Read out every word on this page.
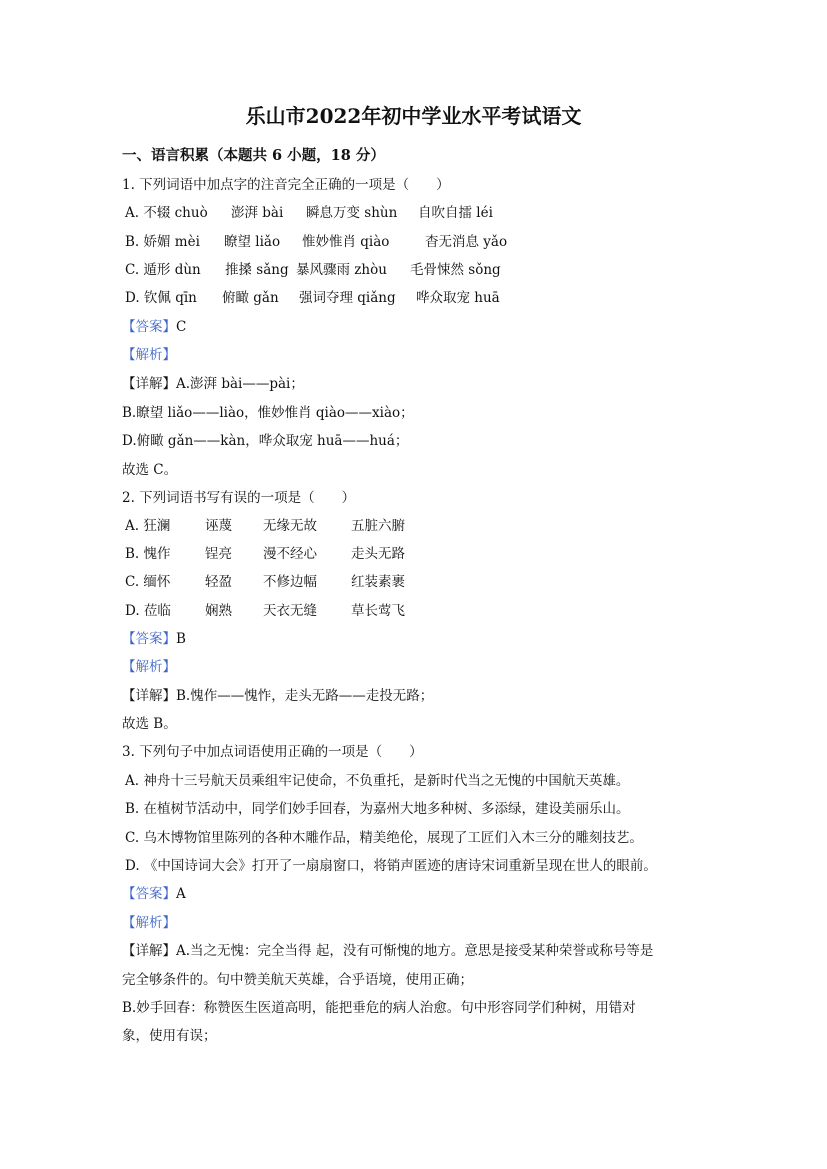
乐山市2022年初中学业水平考试语文
一、语言积累（本题共 6 小题，18 分）
1. 下列词语中加点字的注音完全正确的一项是（　　）
A. 不辍 chuò 澎湃 bài 瞬息万变 shùn 自吹自擂 léi
B. 娇媚 mèi 瞭望 liǎo 惟妙惟肖 qiào	杳无消息 yǎo
C. 遁形 dùn 推搡 sǎng 暴风骤雨 zhòu 毛骨悚然 sǒng
D. 钦佩 qīn 俯瞰 gǎn 强词夺理 qiǎng 哗众取宠 huā
【答案】C
【解析】
【详解】A.澎湃 bài——pài；
B.瞭望 liǎo——liào，惟妙惟肖 qiào——xiào；
D.俯瞰 gǎn——kàn，哗众取宠 huā——huá；
故选 C。
2. 下列词语书写有误的一项是（　　）
A. 狂澜	诬蔑 无缘无故	五脏六腑
B. 愧作	锃亮 漫不经心	走头无路
C. 缅怀	轻盈 不修边幅	红装素裹
D. 莅临	娴熟 天衣无缝	草长莺飞
【答案】B
【解析】
【详解】B.愧作——愧怍，走头无路——走投无路；
故选 B。
3. 下列句子中加点词语使用正确的一项是（　　）
A. 神舟十三号航天员乘组牢记使命，不负重托，是新时代当之无愧的中国航天英雄。
B. 在植树节活动中，同学们妙手回春，为嘉州大地多种树、多添绿，建设美丽乐山。
C. 乌木博物馆里陈列的各种木雕作品，精美绝伦，展现了工匠们入木三分的雕刻技艺。
D. 《中国诗词大会》打开了一扇扇窗口，将销声匿迹的唐诗宋词重新呈现在世人的眼前。
【答案】A
【解析】
【详解】A.当之无愧：完全当得 起，没有可惭愧的地方。意思是接受某种荣誉或称号等是
完全够条件的。句中赞美航天英雄，合乎语境，使用正确；
B.妙手回春：称赞医生医道高明，能把垂危的病人治愈。句中形容同学们种树，用错对
象，使用有误；
